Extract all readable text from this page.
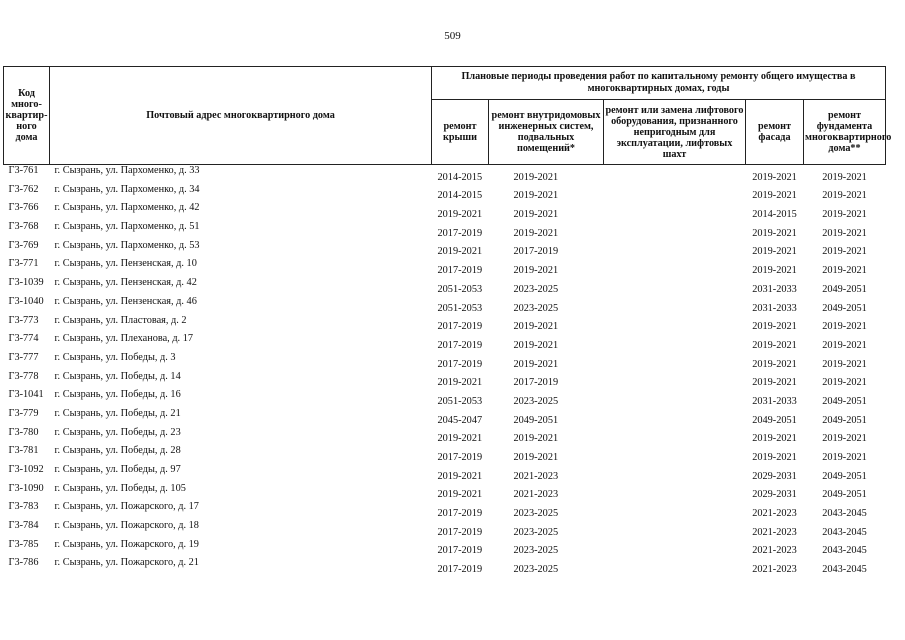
509
Код много-квартир-ного дома	Почтовый адрес многоквартирного дома	Плановые периоды проведения работ по капитальному ремонту общего имущества в многоквартирных домах, годы				
		ремонт крыши	ремонт внутридомовых инженерных систем, подвальных помещений*	ремонт или замена лифтового оборудования, признанного непригодным для эксплуатации, лифтовых шахт	ремонт фасада	ремонт фундамента многоквартирного дома**
Г3-761	г. Сызрань, ул. Пархоменко, д. 33	2014-2015	2019-2021		2019-2021	2019-2021
Г3-762	г. Сызрань, ул. Пархоменко, д. 34	2014-2015	2019-2021		2019-2021	2019-2021
Г3-766	г. Сызрань, ул. Пархоменко, д. 42	2019-2021	2019-2021		2014-2015	2019-2021
Г3-768	г. Сызрань, ул. Пархоменко, д. 51	2017-2019	2019-2021		2019-2021	2019-2021
Г3-769	г. Сызрань, ул. Пархоменко, д. 53	2019-2021	2017-2019		2019-2021	2019-2021
Г3-771	г. Сызрань, ул. Пензенская, д. 10	2017-2019	2019-2021		2019-2021	2019-2021
Г3-1039	г. Сызрань, ул. Пензенская, д. 42	2051-2053	2023-2025		2031-2033	2049-2051
Г3-1040	г. Сызрань, ул. Пензенская, д. 46	2051-2053	2023-2025		2031-2033	2049-2051
Г3-773	г. Сызрань, ул. Пластовая, д. 2	2017-2019	2019-2021		2019-2021	2019-2021
Г3-774	г. Сызрань, ул. Плеханова, д. 17	2017-2019	2019-2021		2019-2021	2019-2021
Г3-777	г. Сызрань, ул. Победы, д. 3	2017-2019	2019-2021		2019-2021	2019-2021
Г3-778	г. Сызрань, ул. Победы, д. 14	2019-2021	2017-2019		2019-2021	2019-2021
Г3-1041	г. Сызрань, ул. Победы, д. 16	2051-2053	2023-2025		2031-2033	2049-2051
Г3-779	г. Сызрань, ул. Победы, д. 21	2045-2047	2049-2051		2049-2051	2049-2051
Г3-780	г. Сызрань, ул. Победы, д. 23	2019-2021	2019-2021		2019-2021	2019-2021
Г3-781	г. Сызрань, ул. Победы, д. 28	2017-2019	2019-2021		2019-2021	2019-2021
Г3-1092	г. Сызрань, ул. Победы, д. 97	2019-2021	2021-2023		2029-2031	2049-2051
Г3-1090	г. Сызрань, ул. Победы, д. 105	2019-2021	2021-2023		2029-2031	2049-2051
Г3-783	г. Сызрань, ул. Пожарского, д. 17	2017-2019	2023-2025		2021-2023	2043-2045
Г3-784	г. Сызрань, ул. Пожарского, д. 18	2017-2019	2023-2025		2021-2023	2043-2045
Г3-785	г. Сызрань, ул. Пожарского, д. 19	2017-2019	2023-2025		2021-2023	2043-2045
Г3-786	г. Сызрань, ул. Пожарского, д. 21	2017-2019	2023-2025		2021-2023	2043-2045
